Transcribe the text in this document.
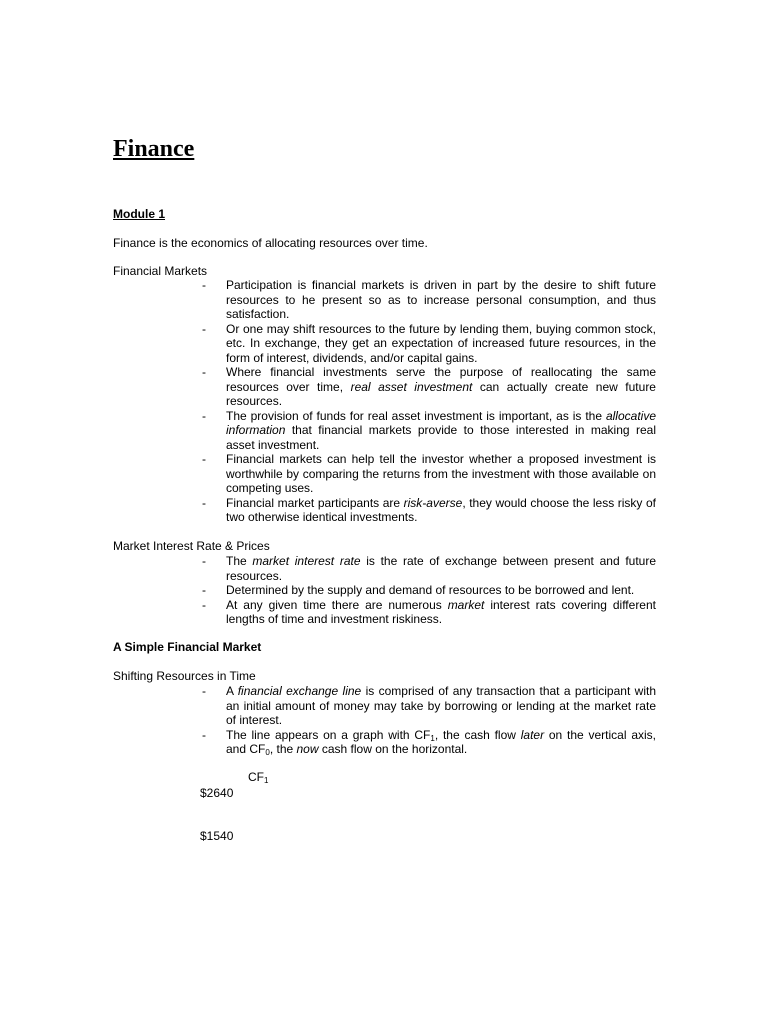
Finance

Module 1

Finance is the economics of allocating resources over time.

Financial Markets

- Participation is financial markets is driven in part by the desire to shift future resources to he present so as to increase personal consumption, and thus satisfaction.
- Or one may shift resources to the future by lending them, buying common stock, etc. In exchange, they get an expectation of increased future resources, in the form of interest, dividends, and/or capital gains.
- Where financial investments serve the purpose of reallocating the same resources over time, real asset investment can actually create new future resources.
- The provision of funds for real asset investment is important, as is the allocative information that financial markets provide to those interested in making real asset investment.
- Financial markets can help tell the investor whether a proposed investment is worthwhile by comparing the returns from the investment with those available on competing uses.
- Financial market participants are risk-averse, they would choose the less risky of two otherwise identical investments.

Market Interest Rate & Prices

- The market interest rate is the rate of exchange between present and future resources.
- Determined by the supply and demand of resources to be borrowed and lent.
- At any given time there are numerous market interest rats covering different lengths of time and investment riskiness.

A Simple Financial Market

Shifting Resources in Time

- A financial exchange line is comprised of any transaction that a participant with an initial amount of money may take by borrowing or lending at the market rate of interest.
- The line appears on a graph with $CF_1$, the cash flow later on the vertical axis, and $CF_0$, the now cash flow on the horizontal.

$CF_1$

$2640

$1540
